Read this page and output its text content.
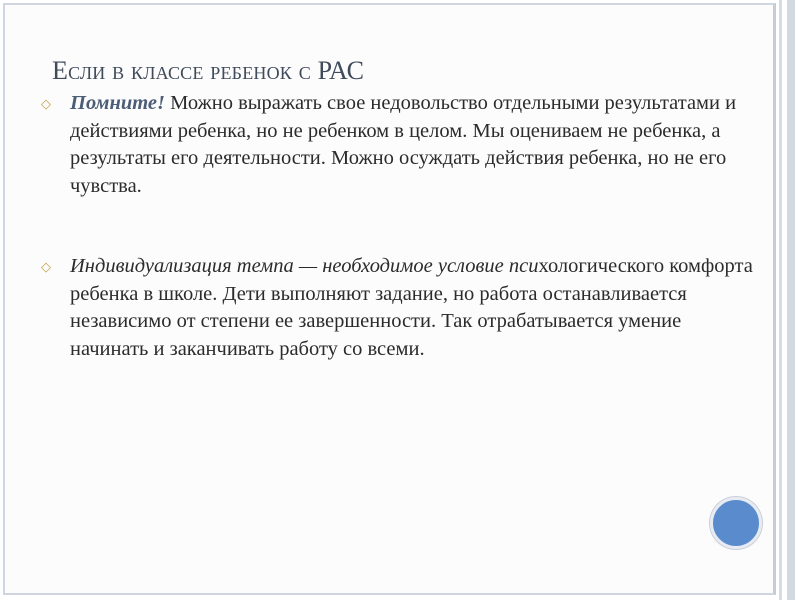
Если в классе ребенок с РАС
◇ Помните! Можно выражать свое недовольство отдельными результатами и действиями ребенка, но не ребенком в целом. Мы оцениваем не ребенка, а результаты его деятельности. Можно осуждать действия ребенка, но не его чувства.
◇ Индивидуализация темпа — необходимое условие психологического комфорта ребенка в школе. Дети выполняют задание, но работа останавливается независимо от степени ее завершенности. Так отрабатывается умение начинать и заканчивать работу со всеми.
